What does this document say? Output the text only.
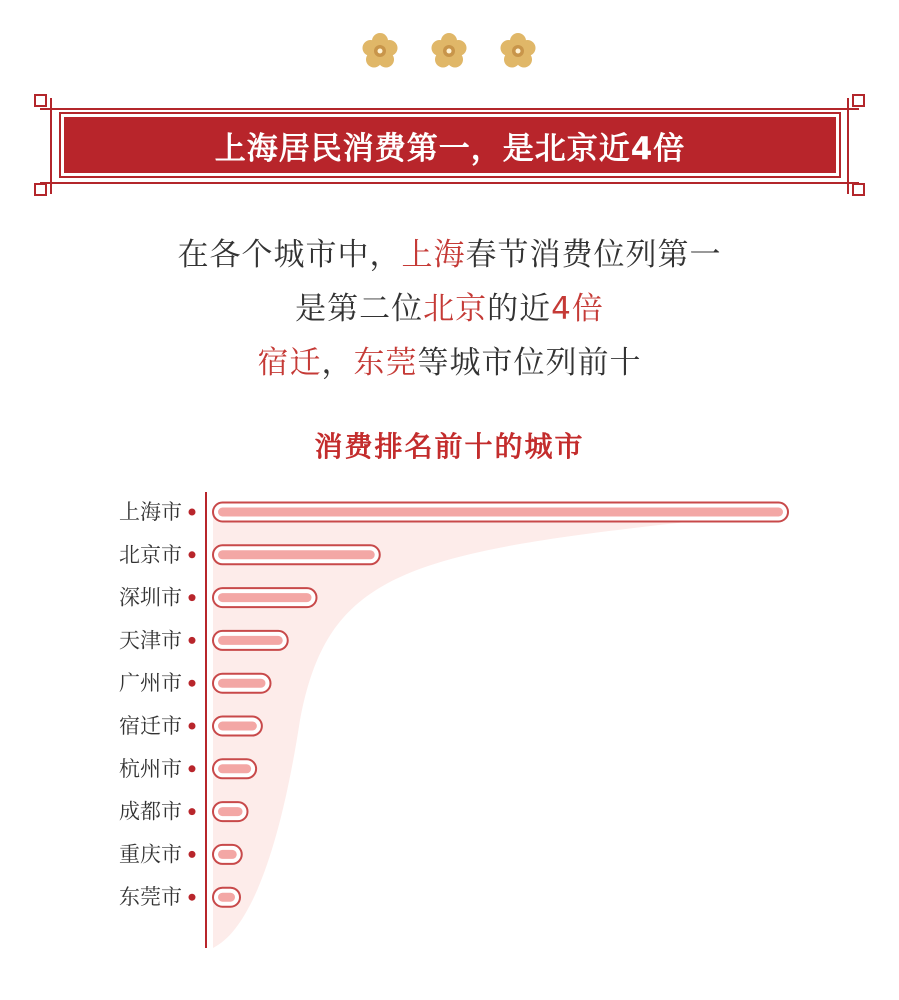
上海居民消费第一，是北京近4倍
在各个城市中，上海春节消费位列第一
是第二位北京的近4倍
宿迁，东莞等城市位列前十
消费排名前十的城市
上海市
北京市
深圳市
天津市
广州市
宿迁市
杭州市
成都市
重庆市
东莞市
